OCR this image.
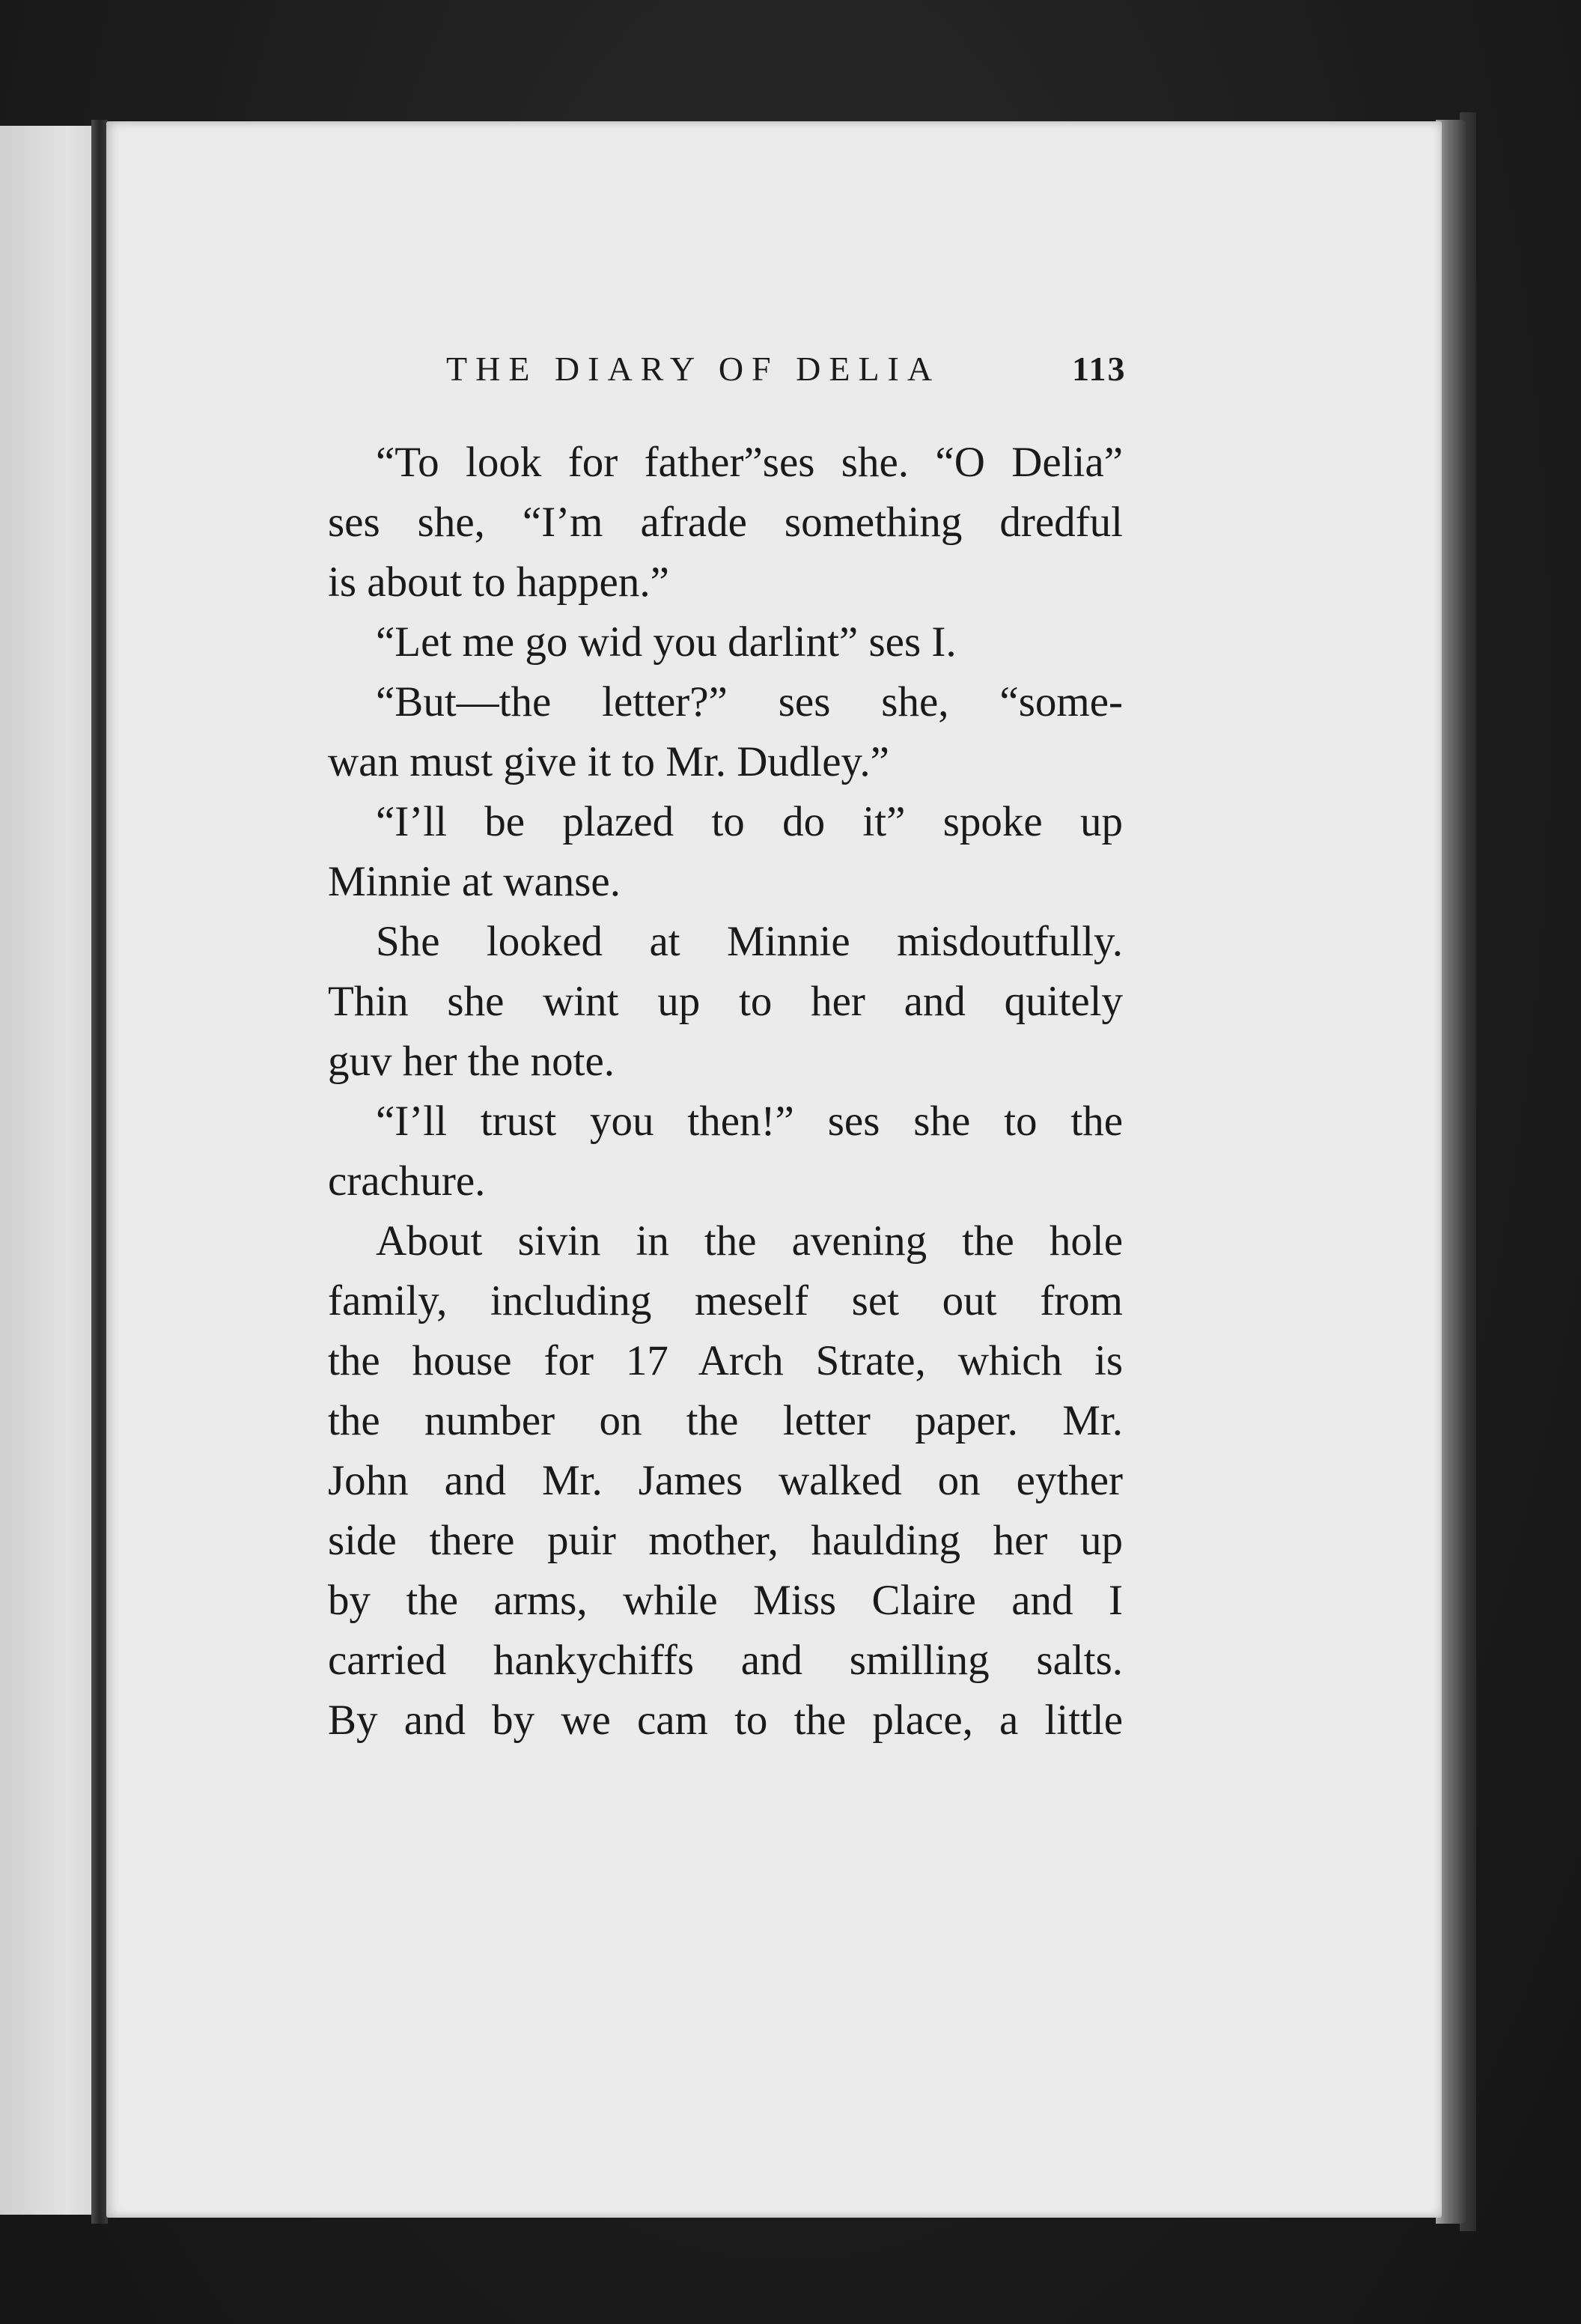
THE DIARY OF DELIA	113
“To look for father”ses she. “O Delia”
ses she, “I’m afrade something dredful
is about to happen.”
“Let me go wid you darlint” ses I.
“But—the letter?” ses she, “some-
wan must give it to Mr. Dudley.”
“I’ll be plazed to do it” spoke up
Minnie at wanse.
She looked at Minnie misdoutfully.
Thin she wint up to her and quitely
guv her the note.
“I’ll trust you then!” ses she to the
crachure.
About sivin in the avening the hole
family, including meself set out from
the house for 17 Arch Strate, which is
the number on the letter paper. Mr.
John and Mr. James walked on eyther
side there puir mother, haulding her up
by the arms, while Miss Claire and I
carried hankychiffs and smilling salts.
By and by we cam to the place, a little
